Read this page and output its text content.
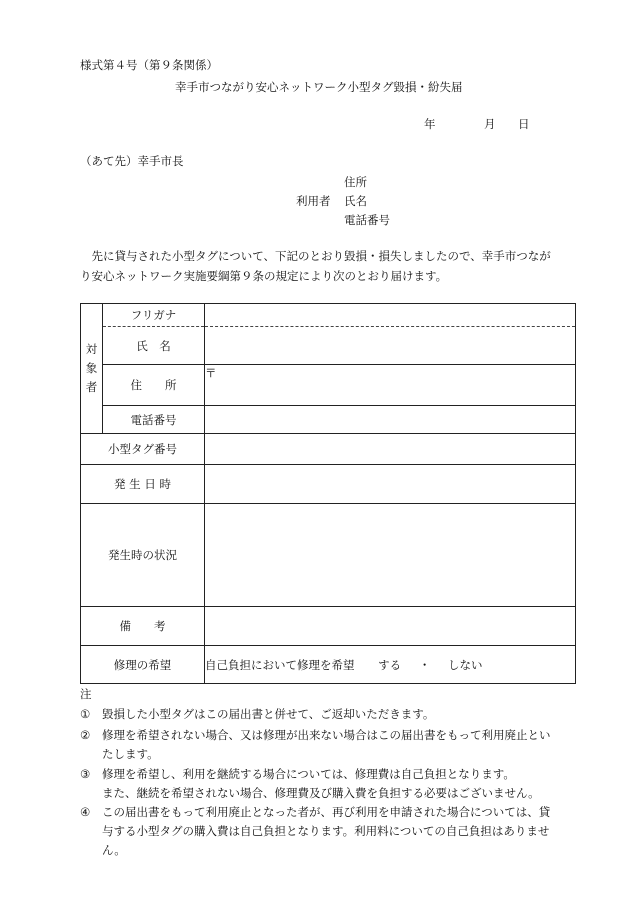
様式第４号（第９条関係）
幸手市つながり安心ネットワーク小型タグ毀損・紛失届
年	月 日
（あて先）幸手市長
住所
利用者 氏名
電話番号
先に貸与された小型タグについて、下記のとおり毀損・損失しましたので、幸手市つながり安心ネットワーク実施要綱第９条の規定により次のとおり届けます。
対
象
者	フリガナ	
	氏　名	
	住　　所	〒
	電話番号	
小型タグ番号		
発 生 日 時		
発生時の状況		
備　　考		
修理の希望		自己負担において修理を希望 する ・ しない
注
①	毀損した小型タグはこの届出書と併せて、ご返却いただきます。
②	修理を希望されない場合、又は修理が出来ない場合はこの届出書をもって利用廃止といたします。
③	修理を希望し、利用を継続する場合については、修理費は自己負担となります。
また、継続を希望されない場合、修理費及び購入費を負担する必要はございません。
④	この届出書をもって利用廃止となった者が、再び利用を申請された場合については、貸与する小型タグの購入費は自己負担となります。利用料についての自己負担はありません。
